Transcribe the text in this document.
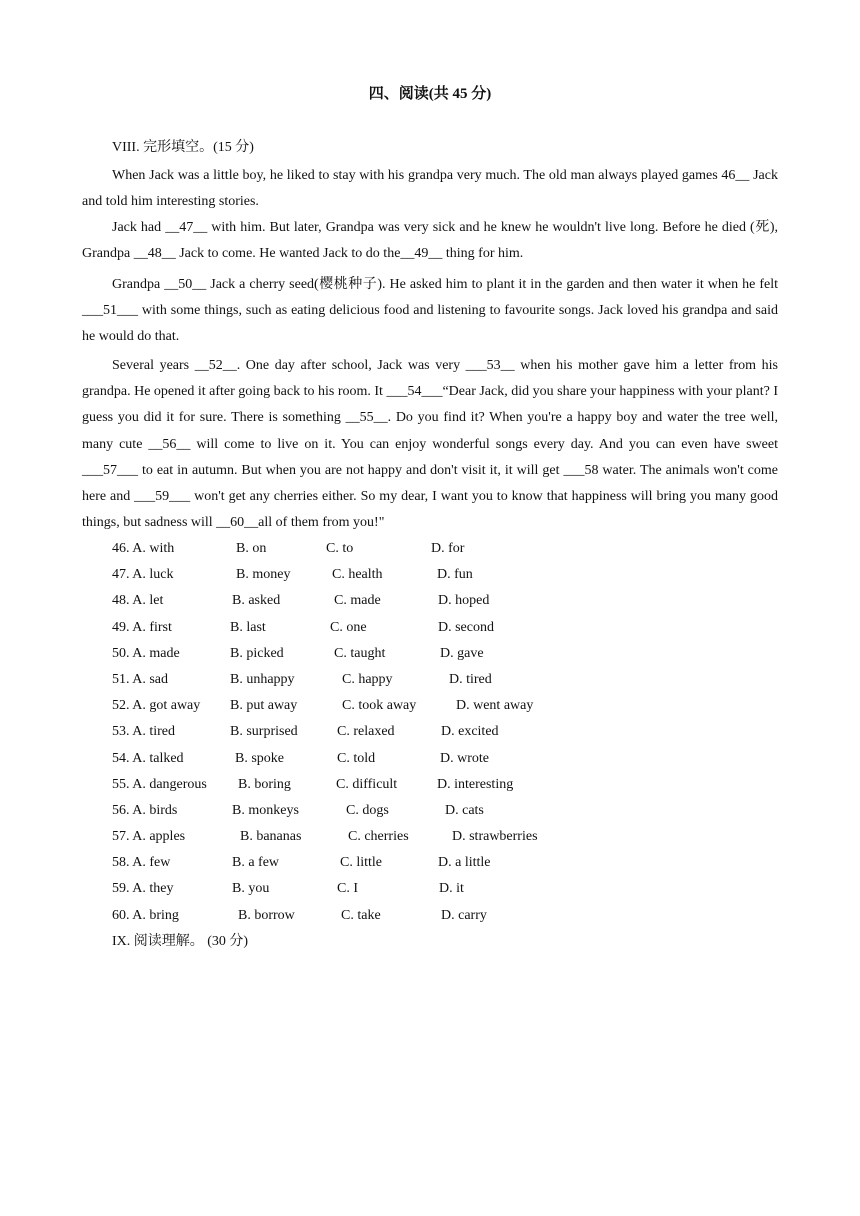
四、阅读(共 45 分)
VIII. 完形填空。(15 分)

When Jack was a little boy, he liked to stay with his grandpa very much. The old man always played games 46__ Jack and told him interesting stories.

Jack had __47__ with him. But later, Grandpa was very sick and he knew he wouldn't live long. Before he died (死), Grandpa __48__ Jack to come. He wanted Jack to do the__49__ thing for him.

Grandpa __50__ Jack a cherry seed(樱桃种子). He asked him to plant it in the garden and then water it when he felt ___51___ with some things, such as eating delicious food and listening to favourite songs. Jack loved his grandpa and said he would do that.

Several years __52__. One day after school, Jack was very ___53__ when his mother gave him a letter from his grandpa. He opened it after going back to his room. It ___54___“Dear Jack, did you share your happiness with your plant? I guess you did it for sure. There is something __55__. Do you find it? When you're a happy boy and water the tree well, many cute __56__ will come to live on it. You can enjoy wonderful songs every day. And you can even have sweet ___57___ to eat in autumn. But when you are not happy and don't visit it, it will get ___58 water. The animals won't come here and ___59___ won't get any cherries either. So my dear, I want you to know that happiness will bring you many good things, but sadness will __60__all of them from you!"

46. A. with	B. on	C. to	D. for
47. A. luck	B. money	C. health	D. fun
48. A. let	B. asked	C. made	D. hoped
49. A. first	B. last	C. one	D. second
50. A. made	B. picked	C. taught	D. gave
51. A. sad	B. unhappy	C. happy	D. tired
52. A. got away B. put away	C. took away	D. went away
53. A. tired	B. surprised	C. relaxed	D. excited
54. A. talked	B. spoke	C. told	D. wrote
55. A. dangerous B. boring	C. difficult	D. interesting
56. A. birds	B. monkeys	C. dogs	D. cats
57. A. apples	B. bananas	C. cherries	D. strawberries
58. A. few	B. a few	C. little	D. a little
59. A. they	B. you	C. I	D. it
60. A. bring	B. borrow	C. take	D. carry
IX. 阅读理解。 (30 分)
